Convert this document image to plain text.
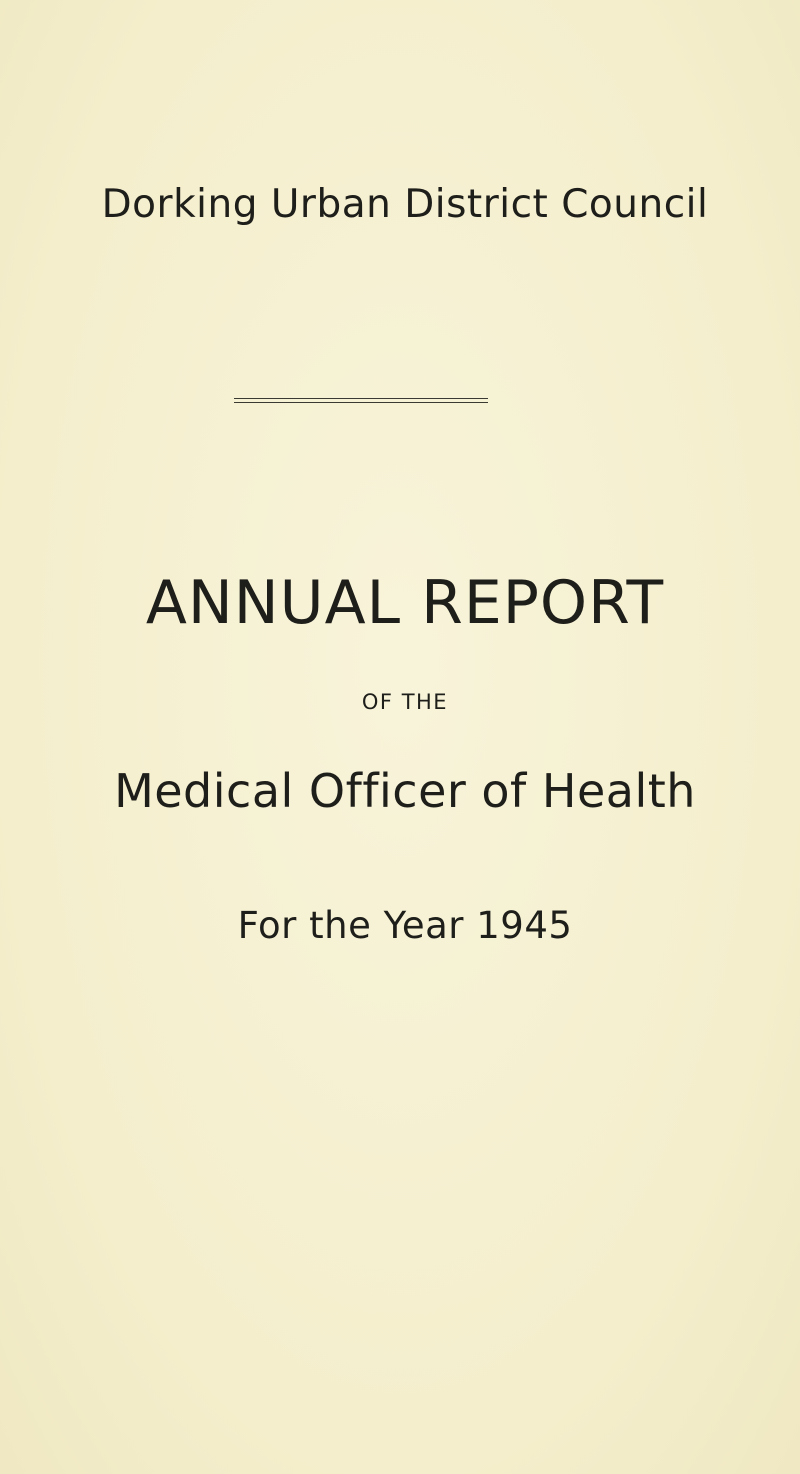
Dorking Urban District Council
ANNUAL REPORT
OF THE
Medical Officer of Health
For the Year 1945
